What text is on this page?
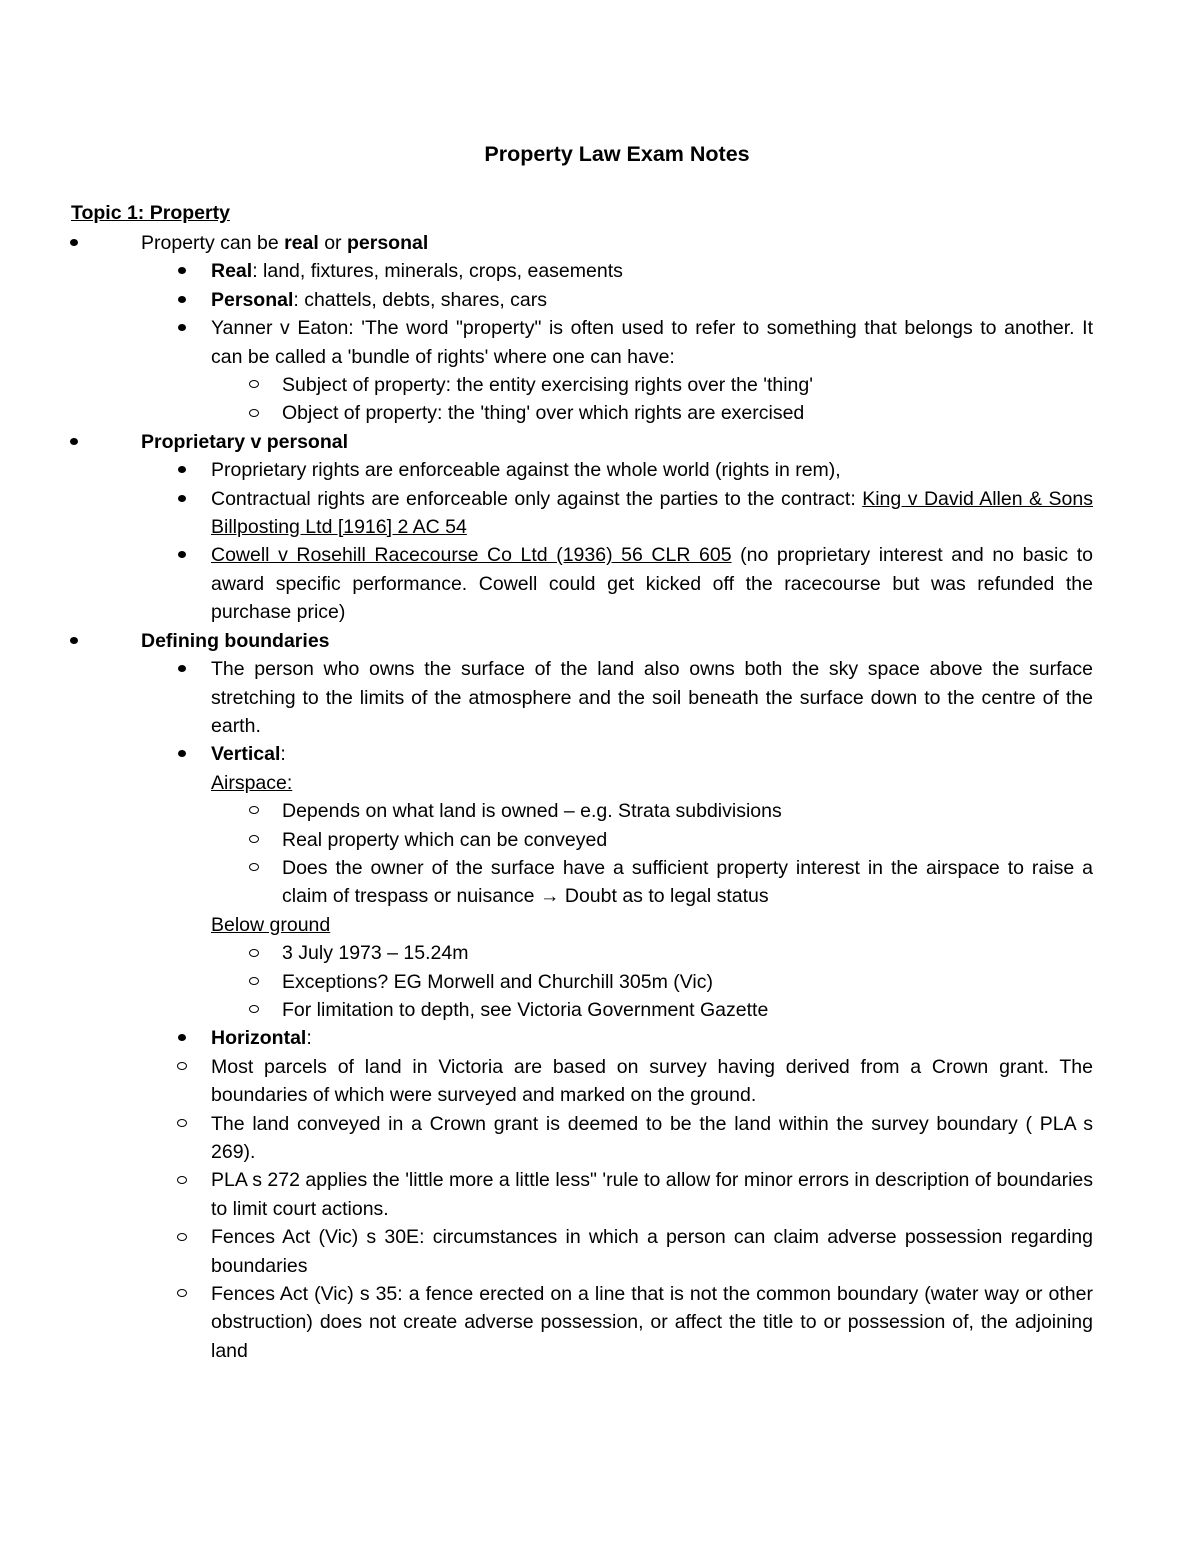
Property Law Exam Notes
Topic 1: Property
Property can be real or personal
Real: land, fixtures, minerals, crops, easements
Personal: chattels, debts, shares, cars
Yanner v Eaton: 'The word "property" is often used to refer to something that belongs to another. It can be called a 'bundle of rights' where one can have:
Subject of property: the entity exercising rights over the 'thing'
Object of property: the 'thing' over which rights are exercised
Proprietary v personal
Proprietary rights are enforceable against the whole world (rights in rem),
Contractual rights are enforceable only against the parties to the contract: King v David Allen & Sons Billposting Ltd [1916] 2 AC 54
Cowell v Rosehill Racecourse Co Ltd (1936) 56 CLR 605 (no proprietary interest and no basic to award specific performance. Cowell could get kicked off the racecourse but was refunded the purchase price)
Defining boundaries
The person who owns the surface of the land also owns both the sky space above the surface stretching to the limits of the atmosphere and the soil beneath the surface down to the centre of the earth.
Vertical:
Airspace:
Depends on what land is owned – e.g. Strata subdivisions
Real property which can be conveyed
Does the owner of the surface have a sufficient property interest in the airspace to raise a claim of trespass or nuisance → Doubt as to legal status
Below ground
3 July 1973 – 15.24m
Exceptions? EG Morwell and Churchill 305m (Vic)
For limitation to depth, see Victoria Government Gazette
Horizontal:
Most parcels of land in Victoria are based on survey having derived from a Crown grant. The boundaries of which were surveyed and marked on the ground.
The land conveyed in a Crown grant is deemed to be the land within the survey boundary ( PLA s 269).
PLA s 272 applies the 'little more a little less" 'rule to allow for minor errors in description of boundaries to limit court actions.
Fences Act (Vic) s 30E: circumstances in which a person can claim adverse possession regarding boundaries
Fences Act (Vic) s 35: a fence erected on a line that is not the common boundary (water way or other obstruction) does not create adverse possession, or affect the title to or possession of, the adjoining land
